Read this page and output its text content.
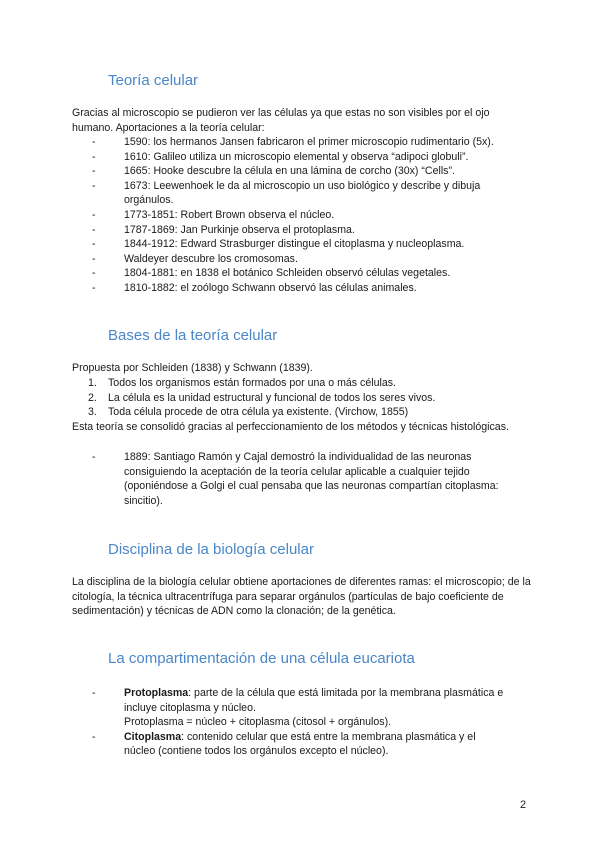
Teoría celular

Gracias al microscopio se pudieron ver las células ya que estas no son visibles por el ojo humano. Aportaciones a la teoría celular:

-	1590: los hermanos Jansen fabricaron el primer microscopio rudimentario (5x).
-	1610: Galileo utiliza un microscopio elemental y observa “adipoci globuli”.
-	1665: Hooke descubre la célula en una lámina de corcho (30x) “Cells”.
-	1673: Leewenhoek le da al microscopio un uso biológico y describe y dibuja orgánulos.
-	1773-1851: Robert Brown observa el núcleo.
-	1787-1869: Jan Purkinje observa el protoplasma.
-	1844-1912: Edward Strasburger distingue el citoplasma y nucleoplasma.
-	Waldeyer descubre los cromosomas.
-	1804-1881: en 1838 el botánico Schleiden observó células vegetales.
-	1810-1882: el zoólogo Schwann observó las células animales.
Bases de la teoría celular

Propuesta por Schleiden (1838) y Schwann (1839).

1. Todos los organismos están formados por una o más células.
2. La célula es la unidad estructural y funcional de todos los seres vivos.
3. Toda célula procede de otra célula ya existente. (Virchow, 1855)

Esta teoría se consolidó gracias al perfeccionamiento de los métodos y técnicas histológicas.

-	1889: Santiago Ramón y Cajal demostró la individualidad de las neuronas consiguiendo la aceptación de la teoría celular aplicable a cualquier tejido (oponiéndose a Golgi el cual pensaba que las neuronas compartían citoplasma: sincitio).
Disciplina de la biología celular

La disciplina de la biología celular obtiene aportaciones de diferentes ramas: el microscopio; de la citología, la técnica ultracentrífuga para separar orgánulos (partículas de bajo coeficiente de sedimentación) y técnicas de ADN como la clonación; de la genética.

La compartimentación de una célula eucariota
-	Protoplasma: parte de la célula que está limitada por la membrana plasmática e incluye citoplasma y núcleo.
Protoplasma = núcleo + citoplasma (citosol + orgánulos).
-	Citoplasma: contenido celular que está entre la membrana plasmática y el núcleo (contiene todos los orgánulos excepto el núcleo).
2
